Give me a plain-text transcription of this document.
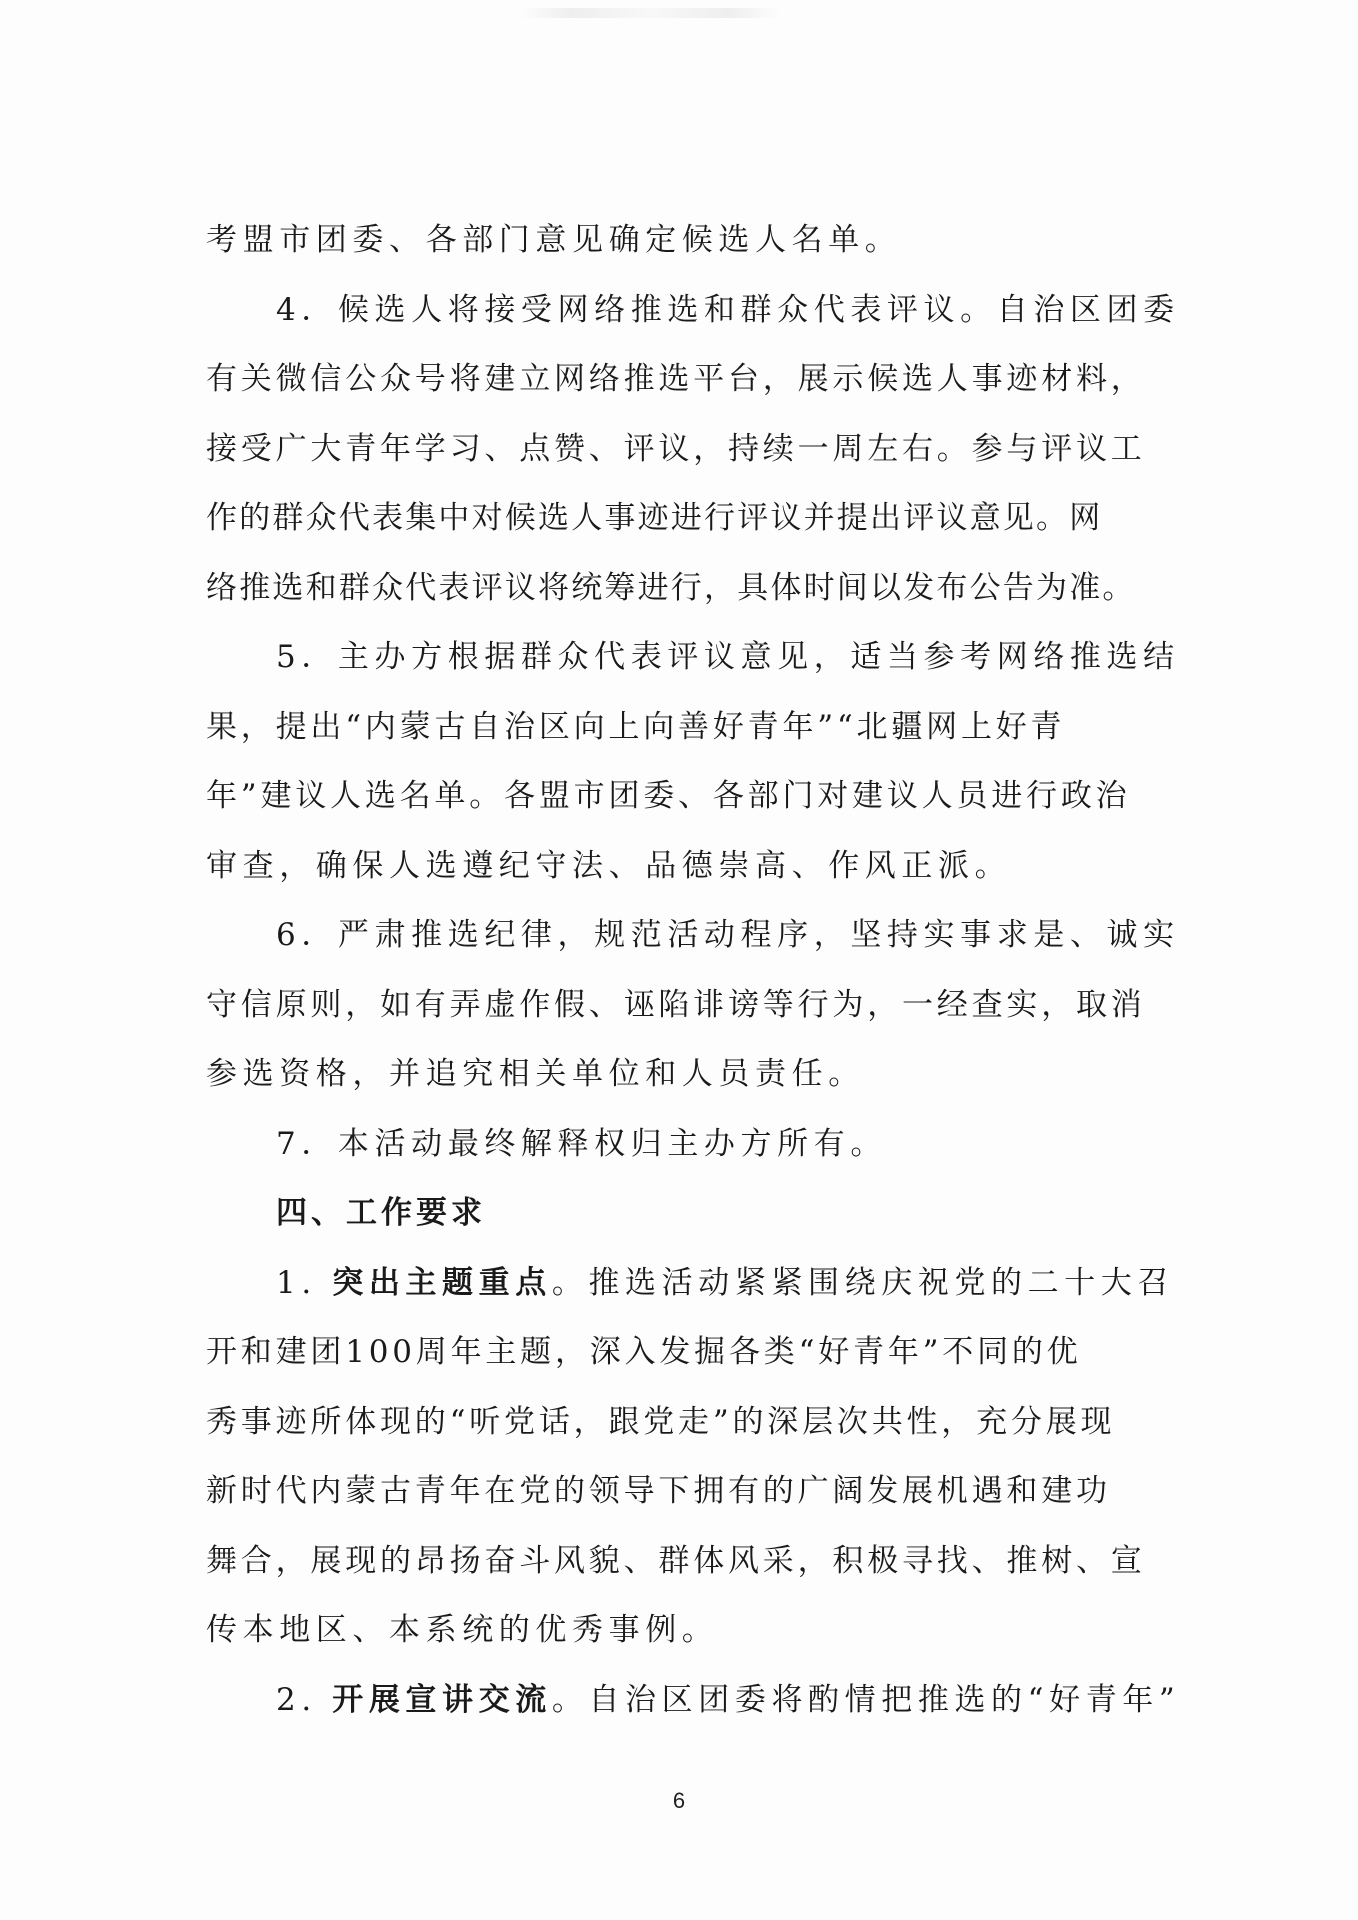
考盟市团委、各部门意见确定候选人名单。
4．候选人将接受网络推选和群众代表评议。自治区团委
有关微信公众号将建立网络推选平台，展示候选人事迹材料，
接受广大青年学习、点赞、评议，持续一周左右。参与评议工
作的群众代表集中对候选人事迹进行评议并提出评议意见。网
络推选和群众代表评议将统筹进行，具体时间以发布公告为准。
5．主办方根据群众代表评议意见，适当参考网络推选结
果，提出“内蒙古自治区向上向善好青年”“北疆网上好青
年”建议人选名单。各盟市团委、各部门对建议人员进行政治
审查，确保人选遵纪守法、品德崇高、作风正派。
6．严肃推选纪律，规范活动程序，坚持实事求是、诚实
守信原则，如有弄虚作假、诬陷诽谤等行为，一经查实，取消
参选资格，并追究相关单位和人员责任。
7．本活动最终解释权归主办方所有。
四、工作要求
1. 突出主题重点。推选活动紧紧围绕庆祝党的二十大召
开和建团100周年主题，深入发掘各类“好青年”不同的优
秀事迹所体现的“听党话，跟党走”的深层次共性，充分展现
新时代内蒙古青年在党的领导下拥有的广阔发展机遇和建功
舞合，展现的昂扬奋斗风貌、群体风采，积极寻找、推树、宣
传本地区、本系统的优秀事例。
2. 开展宣讲交流。自治区团委将酌情把推选的“好青年”
6
